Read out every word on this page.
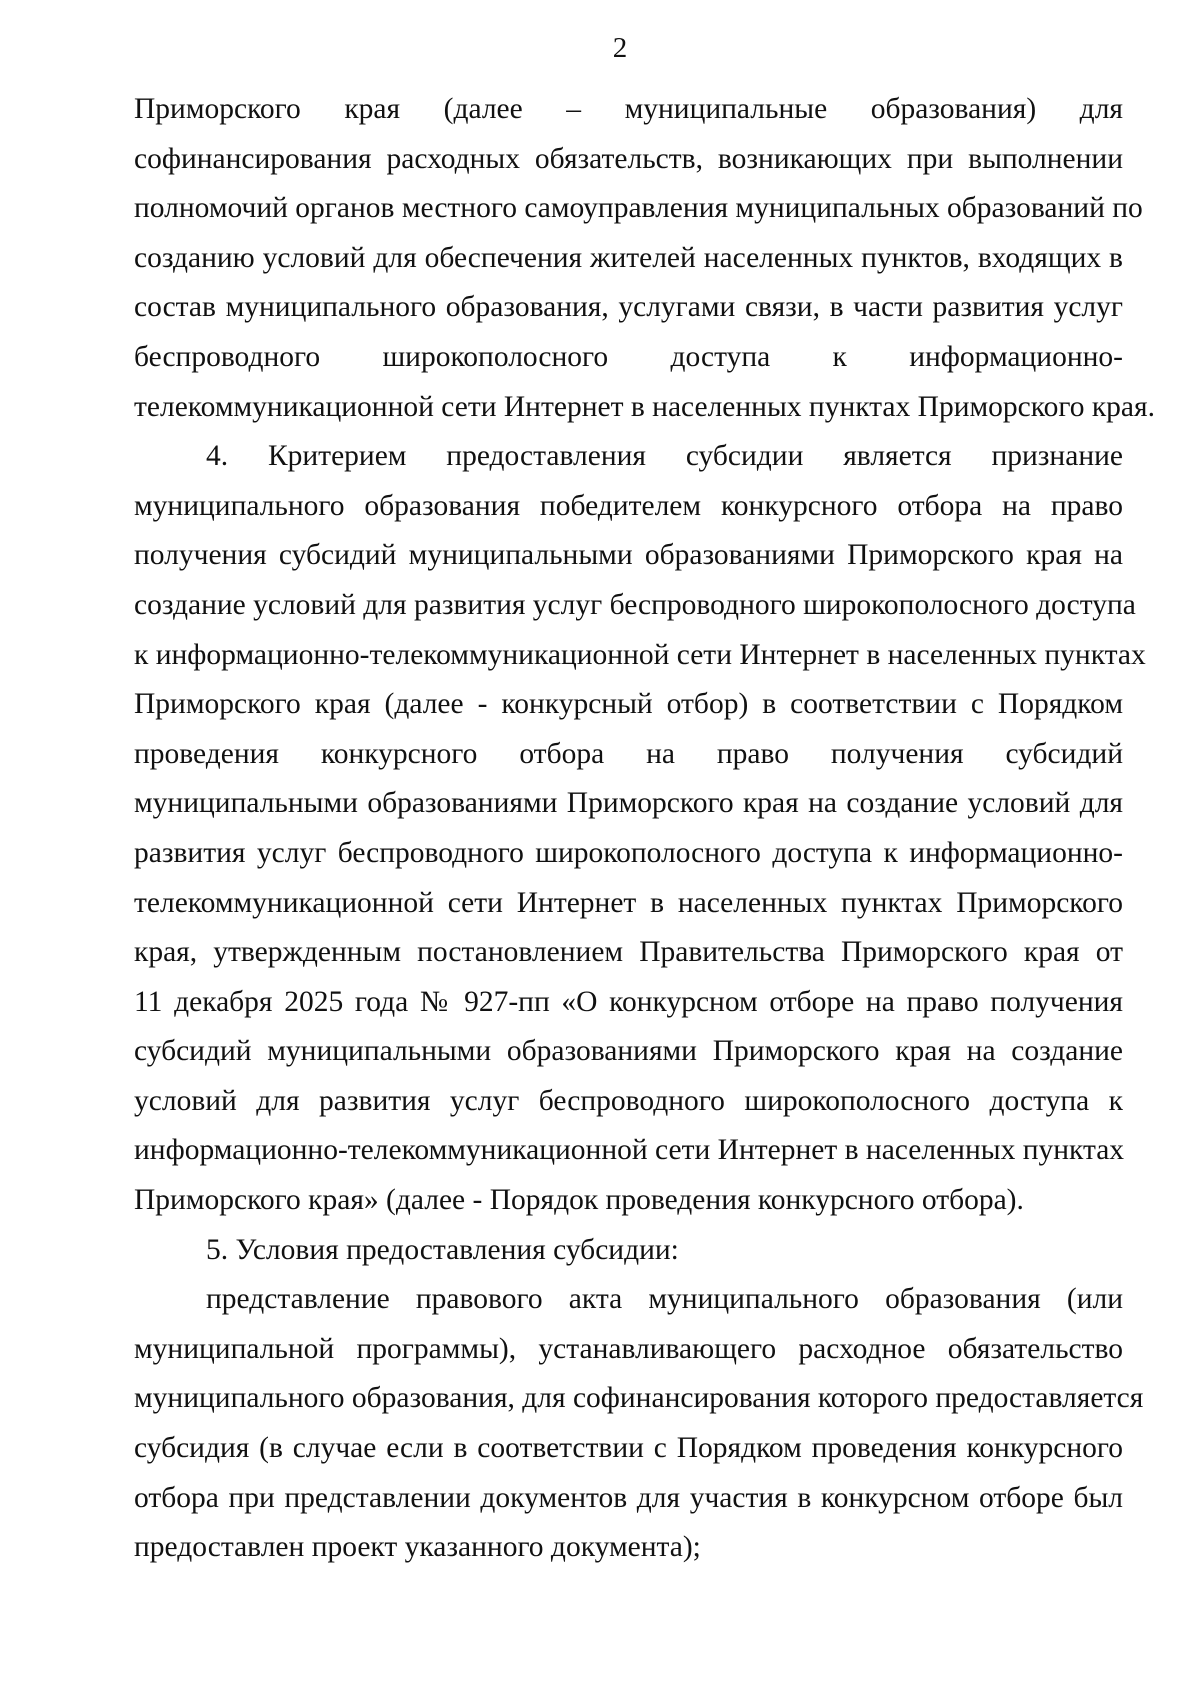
2
Приморского края (далее – муниципальные образования) для
софинансирования расходных обязательств, возникающих при выполнении
полномочий органов местного самоуправления муниципальных образований по
созданию условий для обеспечения жителей населенных пунктов, входящих в
состав муниципального образования, услугами связи, в части развития услуг
беспроводного широкополосного доступа к информационно-
телекоммуникационной сети Интернет в населенных пунктах Приморского края.
4. Критерием предоставления субсидии является признание
муниципального образования победителем конкурсного отбора на право
получения субсидий муниципальными образованиями Приморского края на
создание условий для развития услуг беспроводного широкополосного доступа
к информационно-телекоммуникационной сети Интернет в населенных пунктах
Приморского края (далее - конкурсный отбор) в соответствии с Порядком
проведения конкурсного отбора на право получения субсидий
муниципальными образованиями Приморского края на создание условий для
развития услуг беспроводного широкополосного доступа к информационно-
телекоммуникационной сети Интернет в населенных пунктах Приморского
края, утвержденным постановлением Правительства Приморского края от
11 декабря 2025 года № 927-пп «О конкурсном отборе на право получения
субсидий муниципальными образованиями Приморского края на создание
условий для развития услуг беспроводного широкополосного доступа к
информационно-телекоммуникационной сети Интернет в населенных пунктах
Приморского края» (далее - Порядок проведения конкурсного отбора).
5. Условия предоставления субсидии:
представление правового акта муниципального образования (или
муниципальной программы), устанавливающего расходное обязательство
муниципального образования, для софинансирования которого предоставляется
субсидия (в случае если в соответствии с Порядком проведения конкурсного
отбора при представлении документов для участия в конкурсном отборе был
предоставлен проект указанного документа);
